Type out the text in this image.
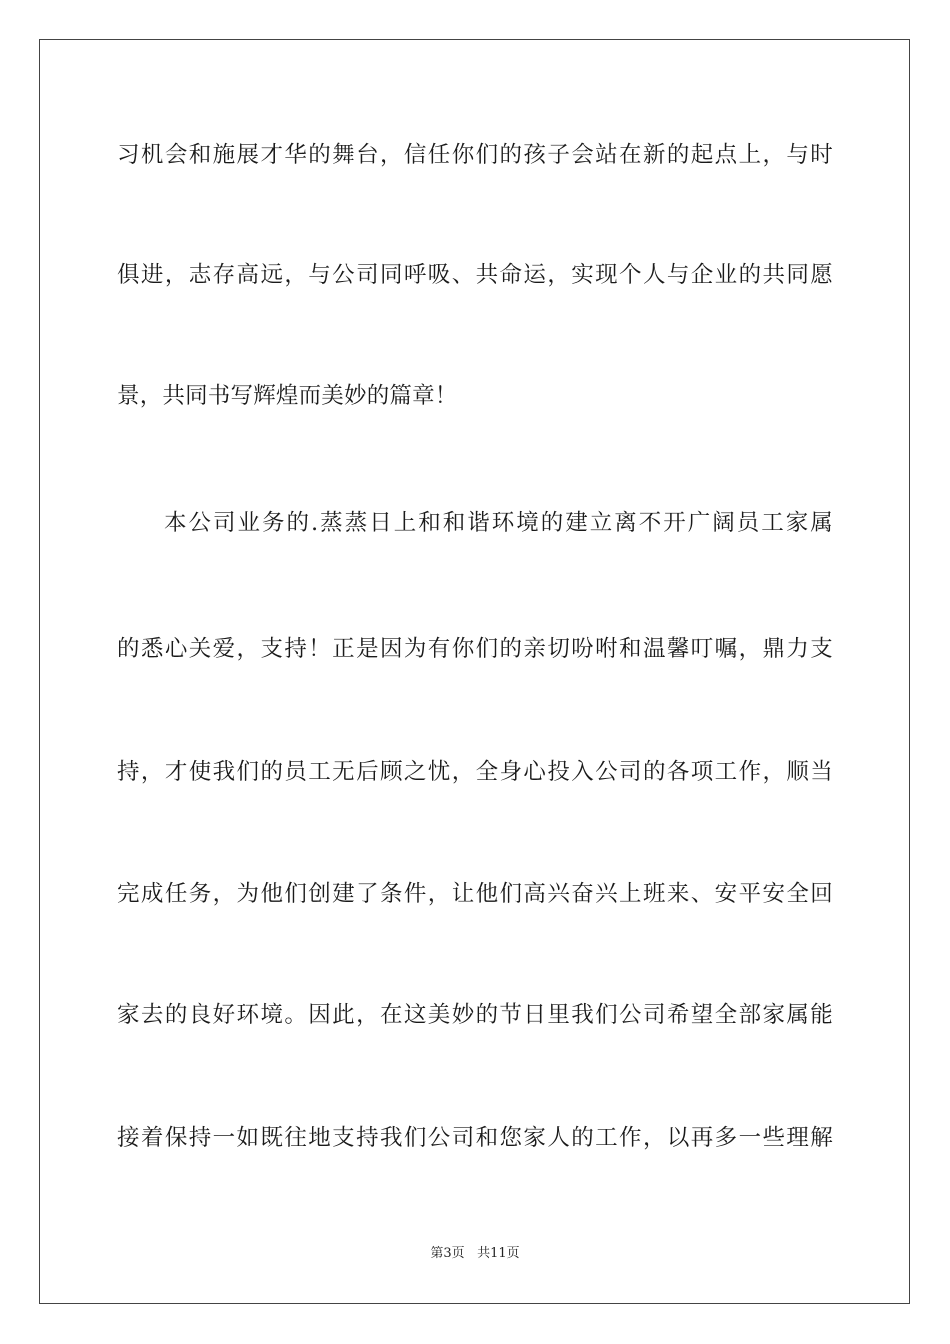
习机会和施展才华的舞台，信任你们的孩子会站在新的起点上，与时
俱进，志存高远，与公司同呼吸、共命运，实现个人与企业的共同愿
景，共同书写辉煌而美妙的篇章！
本公司业务的.蒸蒸日上和和谐环境的建立离不开广阔员工家属
的悉心关爱，支持！正是因为有你们的亲切吩咐和温馨叮嘱，鼎力支
持，才使我们的员工无后顾之忧，全身心投入公司的各项工作，顺当
完成任务，为他们创建了条件，让他们高兴奋兴上班来、安平安全回
家去的良好环境。因此，在这美妙的节日里我们公司希望全部家属能
接着保持一如既往地支持我们公司和您家人的工作，以再多一些理解
第3页 共11页
